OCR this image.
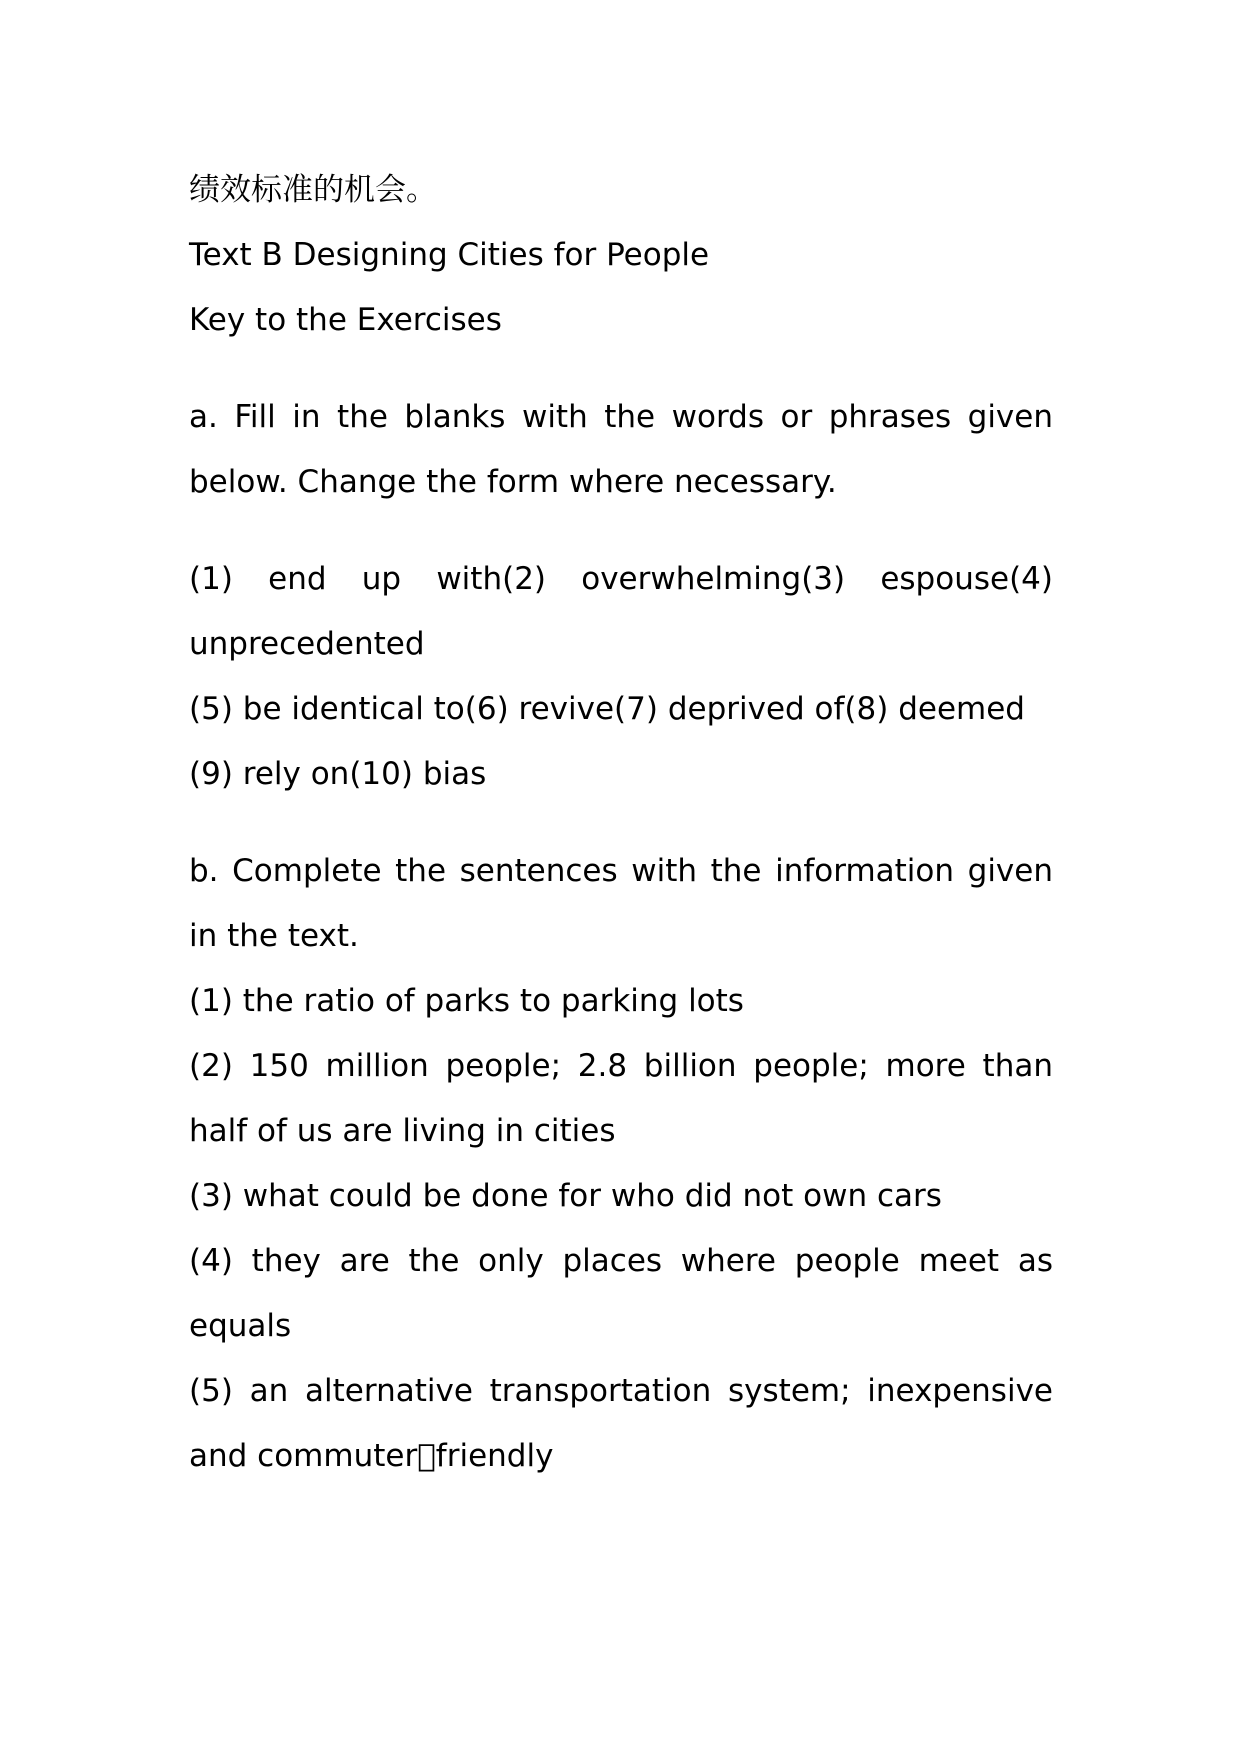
绩效标准的机会。

Text B Designing Cities for People

Key to the Exercises

a. Fill in the blanks with the words or phrases given

below. Change the form where necessary.

(1) end up with(2) overwhelming(3) espouse(4)

unprecedented

(5) be identical to(6) revive(7) deprived of(8) deemed

(9) rely on(10) bias

b. Complete the sentences with the information given

in the text.

(1) the ratio of parks to parking lots

(2) 150 million people; 2.8 billion people; more than

half of us are living in cities

(3) what could be done for who did not own cars

(4) they are the only places where people meet as

equals

(5) an alternative transportation system; inexpensive

and commuter friendly
